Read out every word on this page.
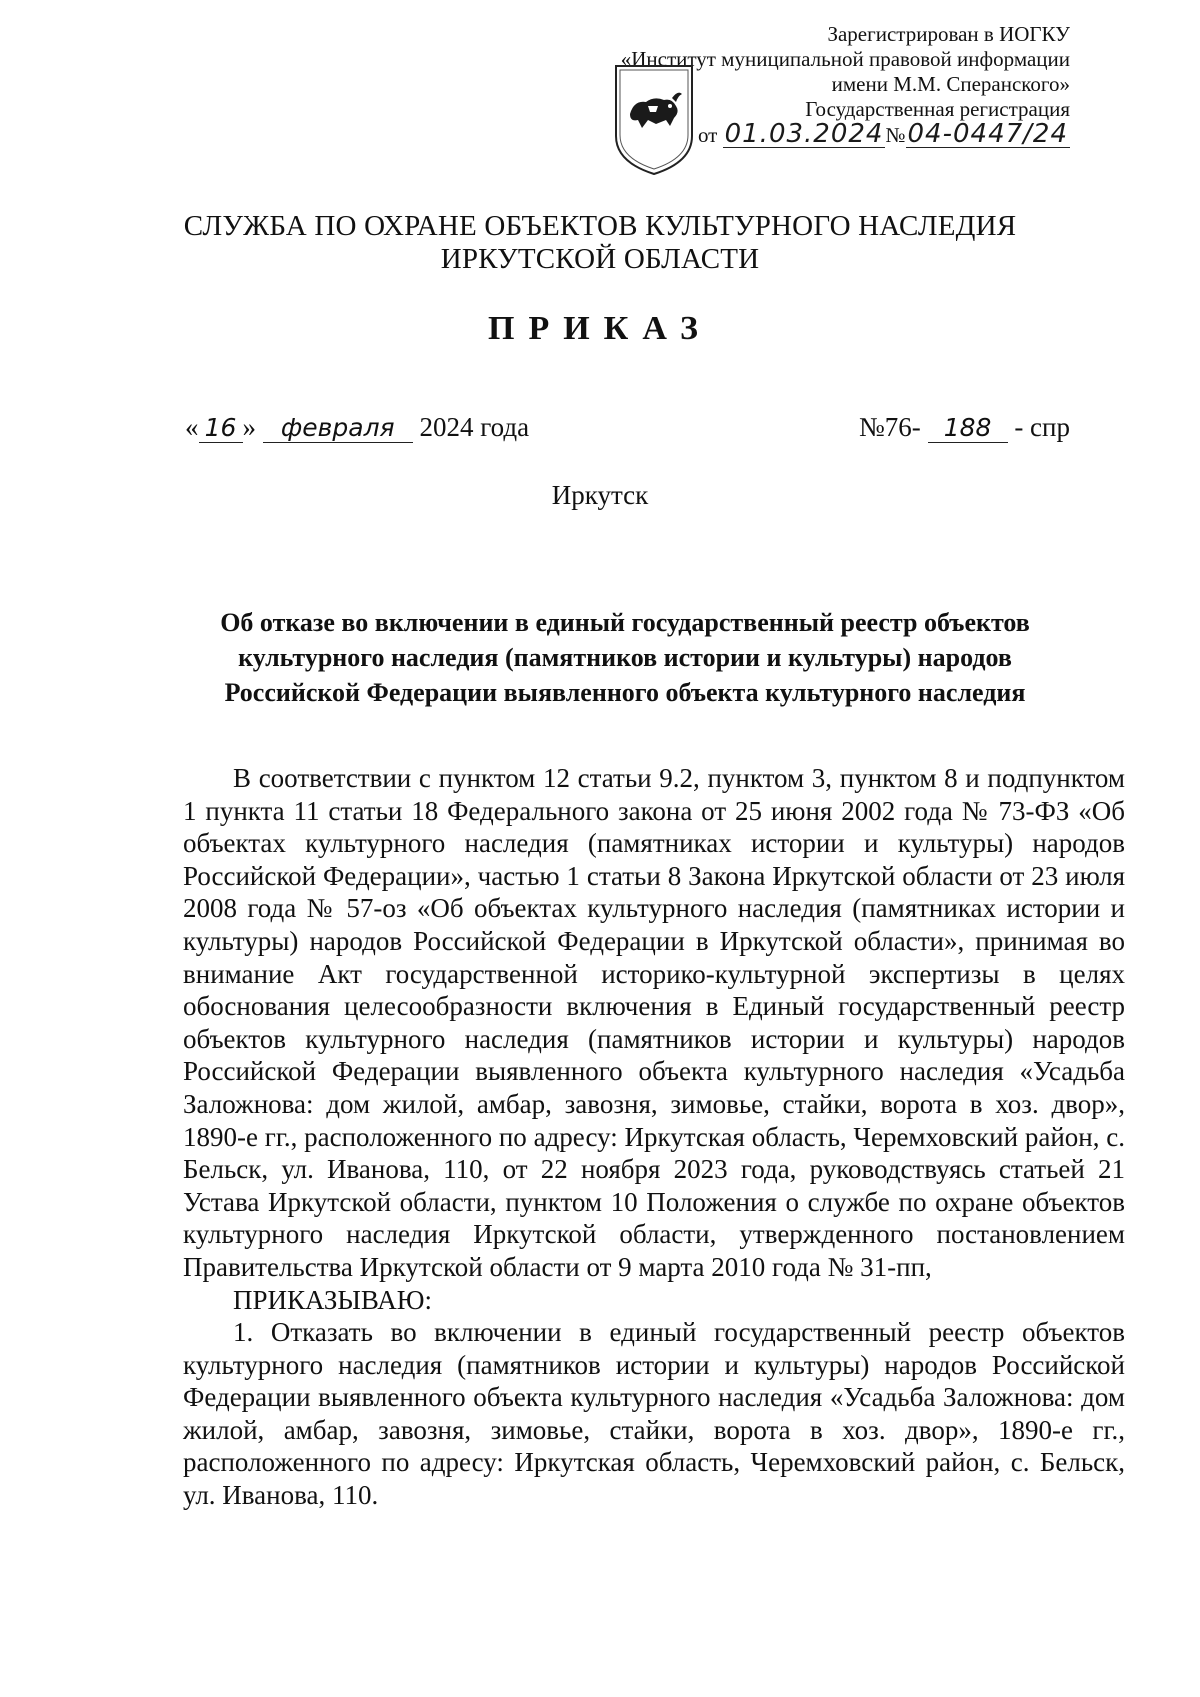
Зарегистрирован в ИОГКУ
«Институт муниципальной правовой информации
имени М.М. Сперанского»
Государственная регистрация
от 01.03.2024№04-0447/24
СЛУЖБА ПО ОХРАНЕ ОБЪЕКТОВ КУЛЬТУРНОГО НАСЛЕДИЯ
ИРКУТСКОЙ ОБЛАСТИ
ПРИКАЗ
« 16 » февраля 2024 года	№76- 188 - спр
Иркутск
Об отказе во включении в единый государственный реестр объектов
культурного наследия (памятников истории и культуры) народов
Российской Федерации выявленного объекта культурного наследия

В соответствии с пунктом 12 статьи 9.2, пунктом 3, пунктом 8 и подпунктом 1 пункта 11 статьи 18 Федерального закона от 25 июня 2002 года № 73-ФЗ «Об объектах культурного наследия (памятниках истории и культуры) народов Российской Федерации», частью 1 статьи 8 Закона Иркутской области от 23 июля 2008 года № 57-оз «Об объектах культурного наследия (памятниках истории и культуры) народов Российской Федерации в Иркутской области», принимая во внимание Акт государственной историко-культурной экспертизы в целях обоснования целесообразности включения в Единый государственный реестр объектов культурного наследия (памятников истории и культуры) народов Российской Федерации выявленного объекта культурного наследия «Усадьба Заложнова: дом жилой, амбар, завозня, зимовье, стайки, ворота в хоз. двор», 1890-е гг., расположенного по адресу: Иркутская область, Черемховский район, с. Бельск, ул. Иванова, 110, от 22 ноября 2023 года, руководствуясь статьей 21 Устава Иркутской области, пунктом 10 Положения о службе по охране объектов культурного наследия Иркутской области, утвержденного постановлением Правительства Иркутской области от 9 марта 2010 года № 31-пп,

ПРИКАЗЫВАЮ:

1. Отказать во включении в единый государственный реестр объектов культурного наследия (памятников истории и культуры) народов Российской Федерации выявленного объекта культурного наследия «Усадьба Заложнова: дом жилой, амбар, завозня, зимовье, стайки, ворота в хоз. двор», 1890-е гг., расположенного по адресу: Иркутская область, Черемховский район, с. Бельск, ул. Иванова, 110.
